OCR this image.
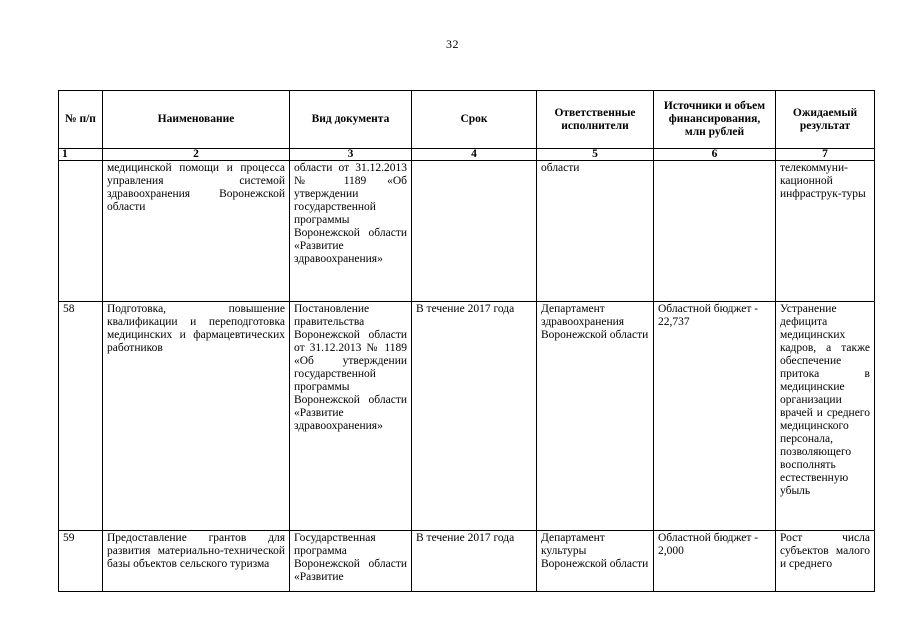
32
№ п/п	Наименование	Вид документа	Срок	Ответственные исполнители	Источники и объем финансирования, млн рублей	Ожидаемый результат
1	2	3	4	5	6	7
	медицинской помощи и процесса управления системой здравоохранения Воронежской области	области от 31.12.2013 № 1189 «Об утверждении государственной программы Воронежской области «Развитие здравоохранения»		области		телекоммуни-кационной инфраструк-туры
58	Подготовка, повышение квалификации и переподготовка медицинских и фармацевтических работников	Постановление правительства Воронежской области от 31.12.2013 № 1189 «Об утверждении государственной программы Воронежской области «Развитие здравоохранения»	В течение 2017 года	Департамент здравоохранения Воронежской области	Областной бюджет - 22,737	Устранение дефицита медицинских кадров, а также обеспечение притока в медицинские организации врачей и среднего медицинского персонала, позволяющего восполнять естественную убыль
59	Предоставление грантов для развития материально-технической базы объектов сельского туризма	Государственная программа Воронежской области «Развитие	В течение 2017 года	Департамент культуры Воронежской области	Областной бюджет - 2,000	Рост числа субъектов малого и среднего
